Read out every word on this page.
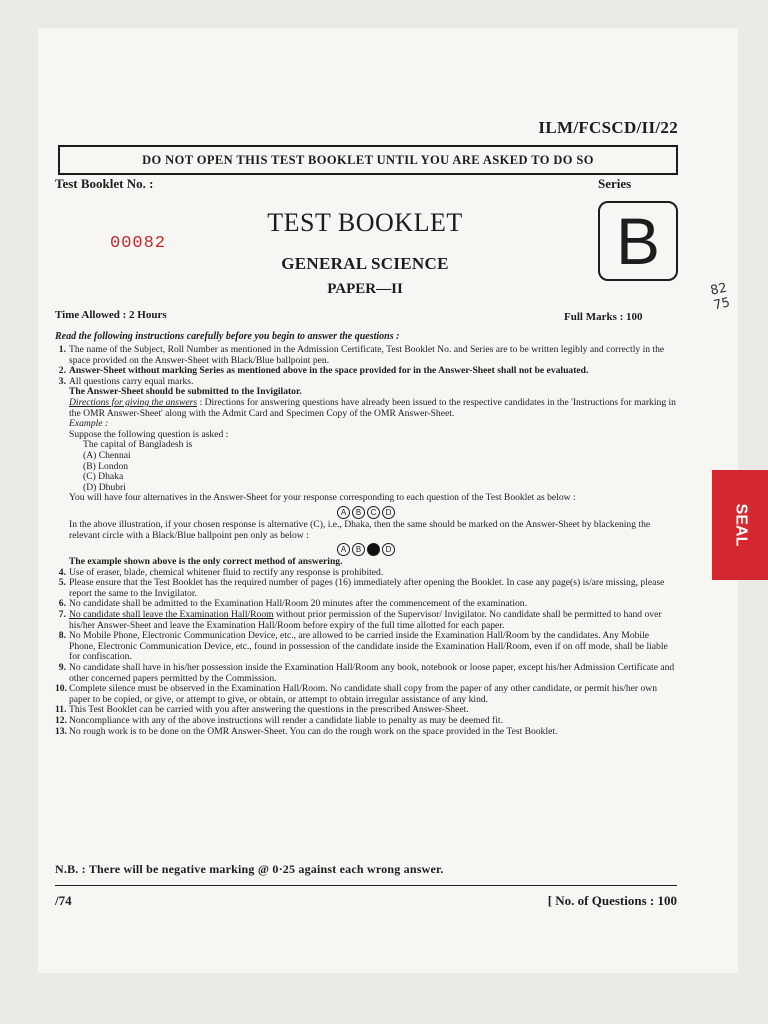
ILM/FCSCD/II/22
DO NOT OPEN THIS TEST BOOKLET UNTIL YOU ARE ASKED TO DO SO
Test Booklet No. :	Series
00082
TEST BOOKLET
GENERAL SCIENCE
PAPER—II
B
Time Allowed : 2 Hours	Full Marks : 100
Read the following instructions carefully before you begin to answer the questions :
1. The name of the Subject, Roll Number as mentioned in the Admission Certificate, Test Booklet No. and Series are to be written legibly and correctly in the space provided on the Answer-Sheet with Black/Blue ballpoint pen.
2. Answer-Sheet without marking Series as mentioned above in the space provided for in the Answer-Sheet shall not be evaluated.
3. All questions carry equal marks.
The Answer-Sheet should be submitted to the Invigilator.
Directions for giving the answers : Directions for answering questions have already been issued to the respective candidates in the 'Instructions for marking in the OMR Answer-Sheet' along with the Admit Card and Specimen Copy of the OMR Answer-Sheet.
Example :
Suppose the following question is asked :
The capital of Bangladesh is
(A) Chennai
(B) London
(C) Dhaka
(D) Dhubri
You will have four alternatives in the Answer-Sheet for your response corresponding to each question of the Test Booklet as below :
A B C D
In the above illustration, if your chosen response is alternative (C), i.e., Dhaka, then the same should be marked on the Answer-Sheet by blackening the relevant circle with a Black/Blue ballpoint pen only as below :
A B C D
The example shown above is the only correct method of answering.
4. Use of eraser, blade, chemical whitener fluid to rectify any response is prohibited.
5. Please ensure that the Test Booklet has the required number of pages (16) immediately after opening the Booklet. In case any page(s) is/are missing, please report the same to the Invigilator.
6. No candidate shall be admitted to the Examination Hall/Room 20 minutes after the commencement of the examination.
7. No candidate shall leave the Examination Hall/Room without prior permission of the Supervisor/ Invigilator. No candidate shall be permitted to hand over his/her Answer-Sheet and leave the Examination Hall/Room before expiry of the full time allotted for each paper.
8. No Mobile Phone, Electronic Communication Device, etc., are allowed to be carried inside the Examination Hall/Room by the candidates. Any Mobile Phone, Electronic Communication Device, etc., found in possession of the candidate inside the Examination Hall/Room, even if on off mode, shall be liable for confiscation.
9. No candidate shall have in his/her possession inside the Examination Hall/Room any book, notebook or loose paper, except his/her Admission Certificate and other concerned papers permitted by the Commission.
10. Complete silence must be observed in the Examination Hall/Room. No candidate shall copy from the paper of any other candidate, or permit his/her own paper to be copied, or give, or attempt to give, or obtain, or attempt to obtain irregular assistance of any kind.
11. This Test Booklet can be carried with you after answering the questions in the prescribed Answer-Sheet.
12. Noncompliance with any of the above instructions will render a candidate liable to penalty as may be deemed fit.
13. No rough work is to be done on the OMR Answer-Sheet. You can do the rough work on the space provided in the Test Booklet.
N.B. : There will be negative marking @ 0·25 against each wrong answer.
/74	[ No. of Questions : 100
SEAL
82
75
